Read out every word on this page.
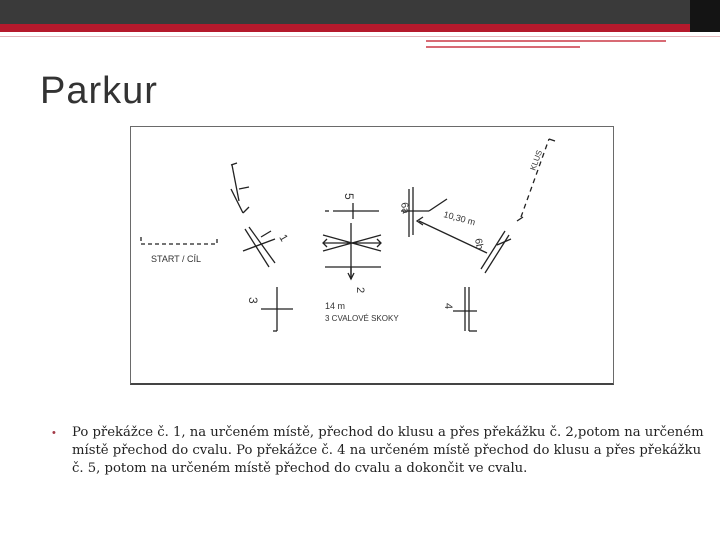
Parkur
START / CÍL
1
3
5
2
14 m
3 CVALOVÉ SKOKY
6a
10,30 m
6b
KLUS
4
• Po překážce č. 1, na určeném místě, přechod do klusu a přes překážku č. 2,potom na určeném místě přechod do cvalu. Po překážce č. 4 na určeném místě přechod do klusu a přes překážku č. 5, potom na určeném místě přechod do cvalu a dokončit ve cvalu.
